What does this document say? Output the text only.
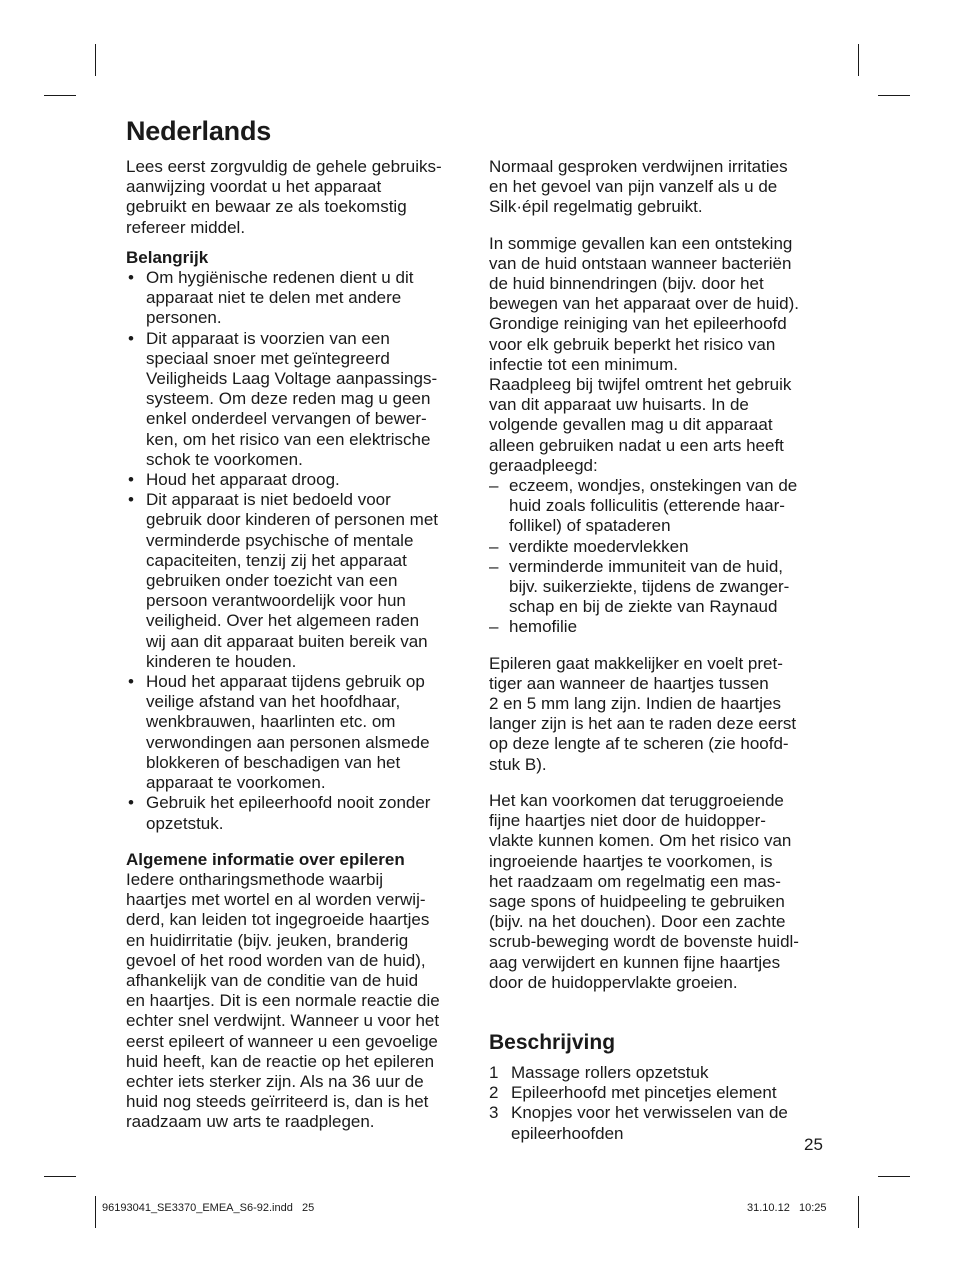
Nederlands
Lees eerst zorgvuldig de gehele gebruiks-
aanwijzing voordat u het apparaat
gebruikt en bewaar ze als toekomstig
refereer middel.
Belangrijk
• Om hygiënische redenen dient u dit
apparaat niet te delen met andere
personen.
• Dit apparaat is voorzien van een
speciaal snoer met geïntegreerd
Veiligheids Laag Voltage aanpassings-
systeem. Om deze reden mag u geen
enkel onderdeel vervangen of bewer-
ken, om het risico van een elektrische
schok te voorkomen.
• Houd het apparaat droog.
• Dit apparaat is niet bedoeld voor
gebruik door kinderen of personen met
verminderde psychische of mentale
capaciteiten, tenzij zij het apparaat
gebruiken onder toezicht van een
persoon verantwoordelijk voor hun
veiligheid. Over het algemeen raden
wij aan dit apparaat buiten bereik van
kinderen te houden.
• Houd het apparaat tijdens gebruik op
veilige afstand van het hoofdhaar,
wenkbrauwen, haarlinten etc. om
verwondingen aan personen alsmede
blokkeren of beschadigen van het
apparaat te voorkomen.
• Gebruik het epileerhoofd nooit zonder
opzetstuk.
Algemene informatie over epileren
Iedere ontharingsmethode waarbij
haartjes met wortel en al worden verwij-
derd, kan leiden tot ingegroeide haartjes
en huidirritatie (bijv. jeuken, branderig
gevoel of het rood worden van de huid),
afhankelijk van de conditie van de huid
en haartjes. Dit is een normale reactie die
echter snel verdwijnt. Wanneer u voor het
eerst epileert of wanneer u een gevoelige
huid heeft, kan de reactie op het epileren
echter iets sterker zijn. Als na 36 uur de
huid nog steeds geïrriteerd is, dan is het
raadzaam uw arts te raadplegen.
Normaal gesproken verdwijnen irritaties
en het gevoel van pijn vanzelf als u de
Silk·épil regelmatig gebruikt.
In sommige gevallen kan een ontsteking
van de huid ontstaan wanneer bacteriën
de huid binnendringen (bijv. door het
bewegen van het apparaat over de huid).
Grondige reiniging van het epileerhoofd
voor elk gebruik beperkt het risico van
infectie tot een minimum.
Raadpleeg bij twijfel omtrent het gebruik
van dit apparaat uw huisarts. In de
volgende gevallen mag u dit apparaat
alleen gebruiken nadat u een arts heeft
geraadpleegd:
– eczeem, wondjes, onstekingen van de
huid zoals folliculitis (etterende haar-
follikel) of spataderen
– verdikte moedervlekken
– verminderde immuniteit van de huid,
bijv. suikerziekte, tijdens de zwanger-
schap en bij de ziekte van Raynaud
– hemofilie
Epileren gaat makkelijker en voelt pret-
tiger aan wanneer de haartjes tussen
2 en 5 mm lang zijn. Indien de haartjes
langer zijn is het aan te raden deze eerst
op deze lengte af te scheren (zie hoofd-
stuk B).
Het kan voorkomen dat teruggroeiende
fijne haartjes niet door de huidopper-
vlakte kunnen komen. Om het risico van
ingroeiende haartjes te voorkomen, is
het raadzaam om regelmatig een mas-
sage spons of huidpeeling te gebruiken
(bijv. na het douchen). Door een zachte
scrub-beweging wordt de bovenste huidl-
aag verwijdert en kunnen fijne haartjes
door de huidoppervlakte groeien.
Beschrijving
1 Massage rollers opzetstuk
2 Epileerhoofd met pincetjes element
3 Knopjes voor het verwisselen van de
epileerhoofden
25
96193041_SE3370_EMEA_S6-92.indd   25	31.10.12   10:25
